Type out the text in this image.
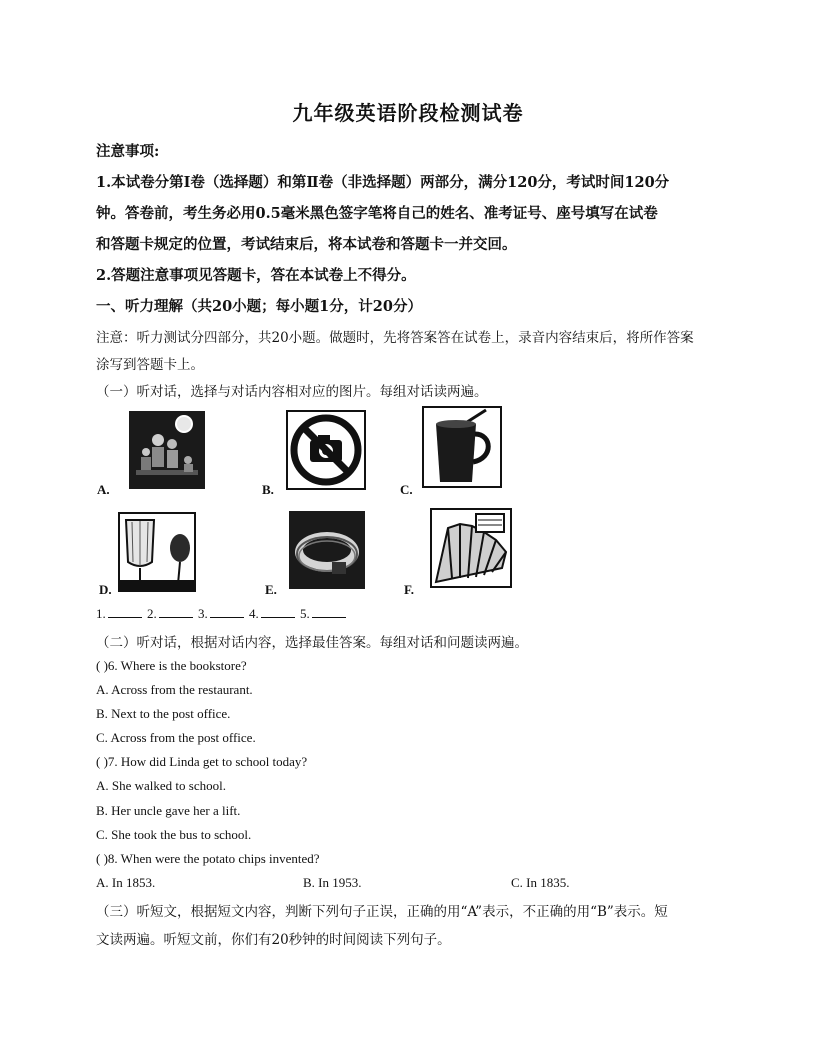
九年级英语阶段检测试卷
注意事项:
1.本试卷分第Ⅰ卷（选择题）和第Ⅱ卷（非选择题）两部分，满分120分，考试时间120分
钟。答卷前，考生务必用0.5毫米黑色签字笔将自己的姓名、准考证号、座号填写在试卷
和答题卡规定的位置，考试结束后，将本试卷和答题卡一并交回。
2.答题注意事项见答题卡，答在本试卷上不得分。
一、听力理解（共20小题；每小题1分，计20分）
注意：听力测试分四部分，共20小题。做题时，先将答案答在试卷上，录音内容结束后，将所作答案
涂写到答题卡上。
（一）听对话，选择与对话内容相对应的图片。每组对话读两遍。
A.	B.	C.
D.	E.	F.
1.	2.	3.	4.	5.
（二）听对话，根据对话内容，选择最佳答案。每组对话和问题读两遍。
( )6. Where is the bookstore?
A. Across from the restaurant.
B. Next to the post office.
C. Across from the post office.
( )7. How did Linda get to school today?
A. She walked to school.
B. Her uncle gave her a lift.
C. She took the bus to school.
( )8. When were the potato chips invented?
A. In 1853.	B. In 1953.	C. In 1835.
（三）听短文，根据短文内容，判断下列句子正误，正确的用“A”表示，不正确的用“B”表示。短
文读两遍。听短文前，你们有20秒钟的时间阅读下列句子。
